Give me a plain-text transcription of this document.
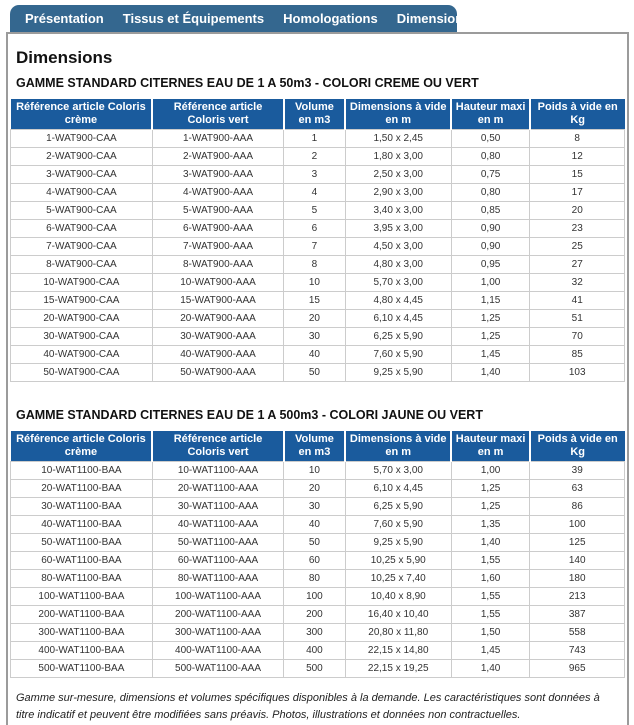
Présentation Tissus et Équipements Homologations Dimensions
Dimensions
GAMME STANDARD CITERNES EAU DE 1 A 50m3 - COLORI CREME OU VERT
Référence article Coloris crème	Référence article Coloris vert	Volume en m3	Dimensions à vide en m	Hauteur maxi en m	Poids à vide en Kg
1-WAT900-CAA	1-WAT900-AAA	1	1,50 x 2,45	0,50	8
2-WAT900-CAA	2-WAT900-AAA	2	1,80 x 3,00	0,80	12
3-WAT900-CAA	3-WAT900-AAA	3	2,50 x 3,00	0,75	15
4-WAT900-CAA	4-WAT900-AAA	4	2,90 x 3,00	0,80	17
5-WAT900-CAA	5-WAT900-AAA	5	3,40 x 3,00	0,85	20
6-WAT900-CAA	6-WAT900-AAA	6	3,95 x 3,00	0,90	23
7-WAT900-CAA	7-WAT900-AAA	7	4,50 x 3,00	0,90	25
8-WAT900-CAA	8-WAT900-AAA	8	4,80 x 3,00	0,95	27
10-WAT900-CAA	10-WAT900-AAA	10	5,70 x 3,00	1,00	32
15-WAT900-CAA	15-WAT900-AAA	15	4,80 x 4,45	1,15	41
20-WAT900-CAA	20-WAT900-AAA	20	6,10 x 4,45	1,25	51
30-WAT900-CAA	30-WAT900-AAA	30	6,25 x 5,90	1,25	70
40-WAT900-CAA	40-WAT900-AAA	40	7,60 x 5,90	1,45	85
50-WAT900-CAA	50-WAT900-AAA	50	9,25 x 5,90	1,40	103
GAMME STANDARD CITERNES EAU DE 1 A 500m3 - COLORI JAUNE OU VERT
Référence article Coloris crème	Référence article Coloris vert	Volume en m3	Dimensions à vide en m	Hauteur maxi en m	Poids à vide en Kg
10-WAT1100-BAA	10-WAT1100-AAA	10	5,70 x 3,00	1,00	39
20-WAT1100-BAA	20-WAT1100-AAA	20	6,10 x 4,45	1,25	63
30-WAT1100-BAA	30-WAT1100-AAA	30	6,25 x 5,90	1,25	86
40-WAT1100-BAA	40-WAT1100-AAA	40	7,60 x 5,90	1,35	100
50-WAT1100-BAA	50-WAT1100-AAA	50	9,25 x 5,90	1,40	125
60-WAT1100-BAA	60-WAT1100-AAA	60	10,25 x 5,90	1,55	140
80-WAT1100-BAA	80-WAT1100-AAA	80	10,25 x 7,40	1,60	180
100-WAT1100-BAA	100-WAT1100-AAA	100	10,40 x 8,90	1,55	213
200-WAT1100-BAA	200-WAT1100-AAA	200	16,40 x 10,40	1,55	387
300-WAT1100-BAA	300-WAT1100-AAA	300	20,80 x 11,80	1,50	558
400-WAT1100-BAA	400-WAT1100-AAA	400	22,15 x 14,80	1,45	743
500-WAT1100-BAA	500-WAT1100-AAA	500	22,15 x 19,25	1,40	965
Gamme sur-mesure, dimensions et volumes spécifiques disponibles à la demande. Les caractéristiques sont données à titre indicatif et peuvent être modifiées sans préavis. Photos, illustrations et données non contractuelles.
